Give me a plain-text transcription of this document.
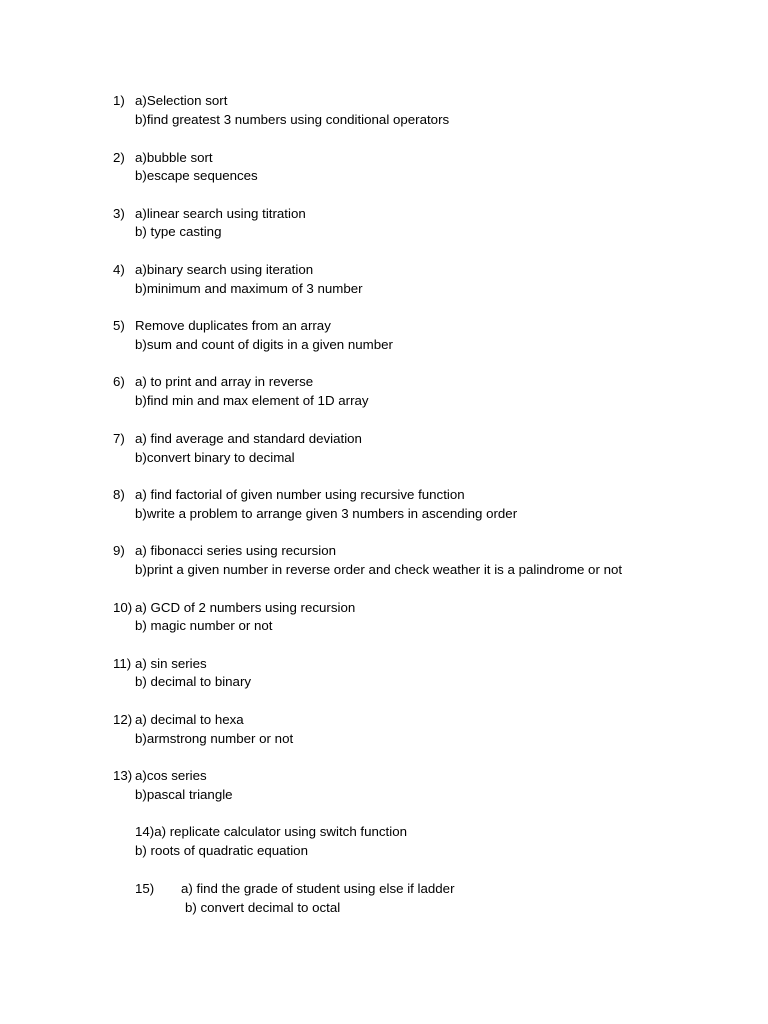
1) a)Selection sort
b)find greatest 3 numbers using conditional operators
2) a)bubble sort
b)escape sequences
3) a)linear search using titration
b) type casting
4) a)binary search using iteration
b)minimum and maximum of 3 number
5) Remove duplicates from an array
b)sum and count of digits in a given number
6) a) to print and array in reverse
b)find min and max element of 1D array
7) a) find average and standard deviation
b)convert binary to decimal
8) a) find factorial of given number using recursive function
b)write a problem to arrange given 3 numbers in ascending order
9) a) fibonacci series using recursion
b)print a given number in reverse order and check weather it is a palindrome or not
10) a) GCD of 2 numbers using recursion
b) magic number or not
11) a) sin series
b) decimal to binary
12) a) decimal to hexa
b)armstrong number or not
13) a)cos series
b)pascal triangle
14)a) replicate calculator using switch function
b) roots of quadratic equation
15) a) find the grade of student using else if ladder
b) convert decimal to octal
